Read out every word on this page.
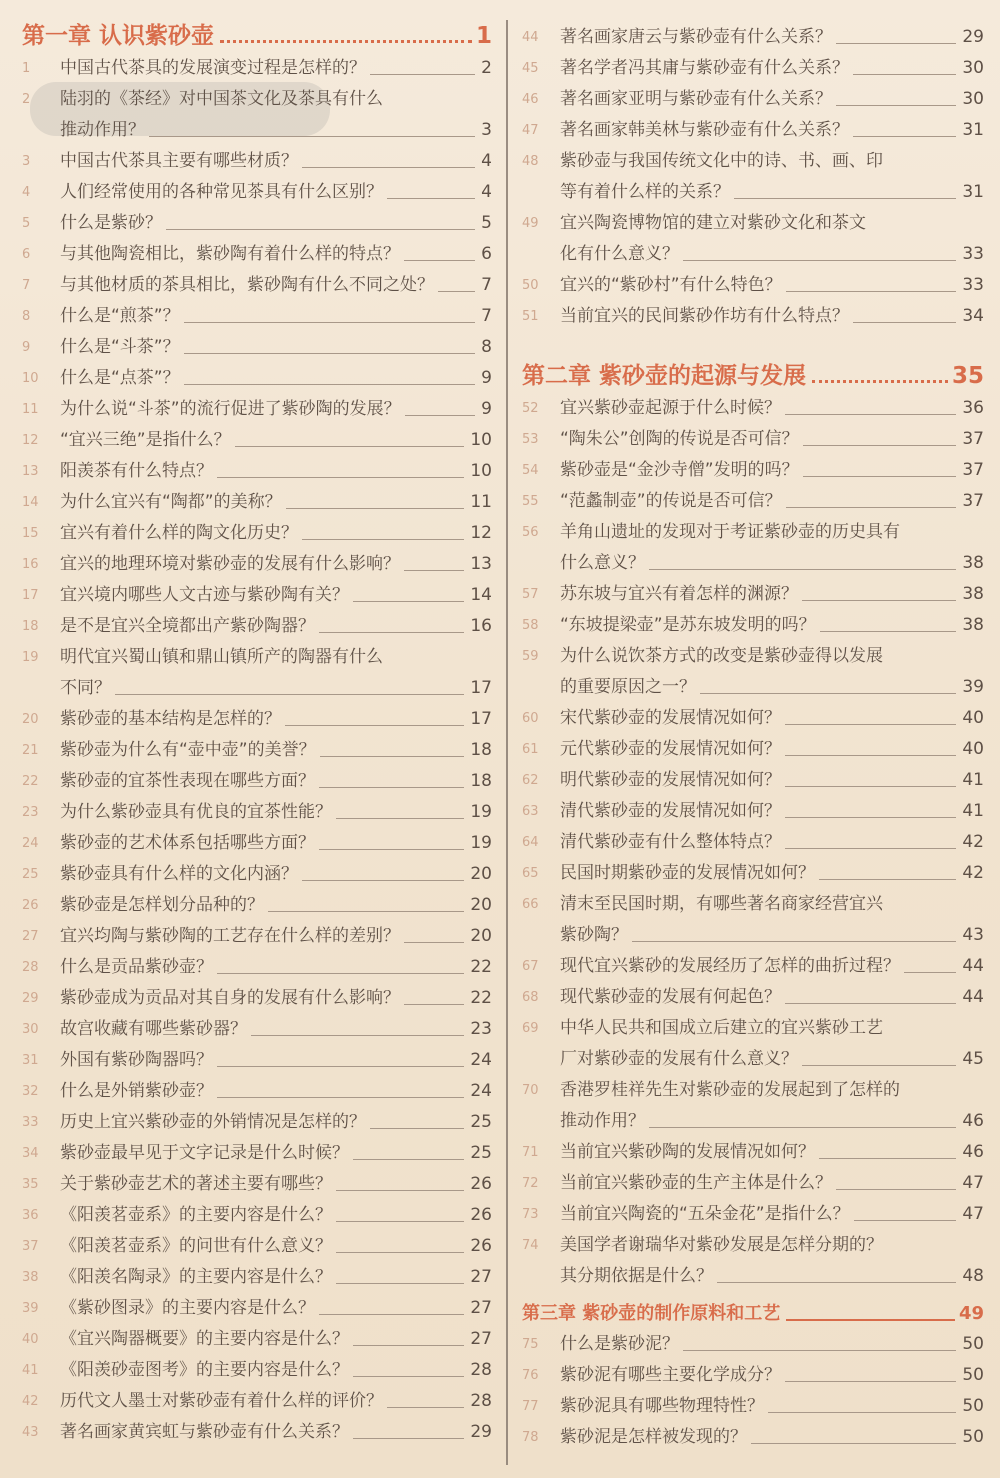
第一章 认识紫砂壶	1
1	中国古代茶具的发展演变过程是怎样的？	2
2	陆羽的《茶经》对中国茶文化及茶具有什么
推动作用？	3
3	中国古代茶具主要有哪些材质？	4
4	人们经常使用的各种常见茶具有什么区别？	4
5	什么是紫砂？	5
6	与其他陶瓷相比，紫砂陶有着什么样的特点？	6
7	与其他材质的茶具相比，紫砂陶有什么不同之处？	7
8	什么是“煎茶”？	7
9	什么是“斗茶”？	8
10	什么是“点茶”？	9
11	为什么说“斗茶”的流行促进了紫砂陶的发展？	9
12	“宜兴三绝”是指什么？	10
13	阳羡茶有什么特点？	10
14	为什么宜兴有“陶都”的美称？	11
15	宜兴有着什么样的陶文化历史？	12
16	宜兴的地理环境对紫砂壶的发展有什么影响？	13
17	宜兴境内哪些人文古迹与紫砂陶有关？	14
18	是不是宜兴全境都出产紫砂陶器？	16
19	明代宜兴蜀山镇和鼎山镇所产的陶器有什么
不同？	17
20	紫砂壶的基本结构是怎样的？	17
21	紫砂壶为什么有“壶中壶”的美誉？	18
22	紫砂壶的宜茶性表现在哪些方面？	18
23	为什么紫砂壶具有优良的宜茶性能？	19
24	紫砂壶的艺术体系包括哪些方面？	19
25	紫砂壶具有什么样的文化内涵？	20
26	紫砂壶是怎样划分品种的？	20
27	宜兴均陶与紫砂陶的工艺存在什么样的差别？	20
28	什么是贡品紫砂壶？	22
29	紫砂壶成为贡品对其自身的发展有什么影响？	22
30	故宫收藏有哪些紫砂器？	23
31	外国有紫砂陶器吗？	24
32	什么是外销紫砂壶？	24
33	历史上宜兴紫砂壶的外销情况是怎样的？	25
34	紫砂壶最早见于文字记录是什么时候？	25
35	关于紫砂壶艺术的著述主要有哪些？	26
36	《阳羡茗壶系》的主要内容是什么？	26
37	《阳羡茗壶系》的问世有什么意义？	26
38	《阳羡名陶录》的主要内容是什么？	27
39	《紫砂图录》的主要内容是什么？	27
40	《宜兴陶器概要》的主要内容是什么？	27
41	《阳羡砂壶图考》的主要内容是什么？	28
42	历代文人墨士对紫砂壶有着什么样的评价？	28
43	著名画家黄宾虹与紫砂壶有什么关系？	29
44	著名画家唐云与紫砂壶有什么关系？	29
45	著名学者冯其庸与紫砂壶有什么关系？	30
46	著名画家亚明与紫砂壶有什么关系？	30
47	著名画家韩美林与紫砂壶有什么关系？	31
48	紫砂壶与我国传统文化中的诗、书、画、印
等有着什么样的关系？	31
49	宜兴陶瓷博物馆的建立对紫砂文化和茶文
化有什么意义？	33
50	宜兴的“紫砂村”有什么特色？	33
51	当前宜兴的民间紫砂作坊有什么特点？	34
第二章 紫砂壶的起源与发展	35
52	宜兴紫砂壶起源于什么时候？	36
53	“陶朱公”创陶的传说是否可信？	37
54	紫砂壶是“金沙寺僧”发明的吗？	37
55	“范蠡制壶”的传说是否可信？	37
56	羊角山遗址的发现对于考证紫砂壶的历史具有
什么意义？	38
57	苏东坡与宜兴有着怎样的渊源？	38
58	“东坡提梁壶”是苏东坡发明的吗？	38
59	为什么说饮茶方式的改变是紫砂壶得以发展
的重要原因之一？	39
60	宋代紫砂壶的发展情况如何？	40
61	元代紫砂壶的发展情况如何？	40
62	明代紫砂壶的发展情况如何？	41
63	清代紫砂壶的发展情况如何？	41
64	清代紫砂壶有什么整体特点？	42
65	民国时期紫砂壶的发展情况如何？	42
66	清末至民国时期，有哪些著名商家经营宜兴
紫砂陶？	43
67	现代宜兴紫砂的发展经历了怎样的曲折过程？	44
68	现代紫砂壶的发展有何起色？	44
69	中华人民共和国成立后建立的宜兴紫砂工艺
厂对紫砂壶的发展有什么意义？	45
70	香港罗桂祥先生对紫砂壶的发展起到了怎样的
推动作用？	46
71	当前宜兴紫砂陶的发展情况如何？	46
72	当前宜兴紫砂壶的生产主体是什么？	47
73	当前宜兴陶瓷的“五朵金花”是指什么？	47
74	美国学者谢瑞华对紫砂发展是怎样分期的？
其分期依据是什么？	48
第三章 紫砂壶的制作原料和工艺	49
75	什么是紫砂泥？	50
76	紫砂泥有哪些主要化学成分？	50
77	紫砂泥具有哪些物理特性？	50
78	紫砂泥是怎样被发现的？	50
